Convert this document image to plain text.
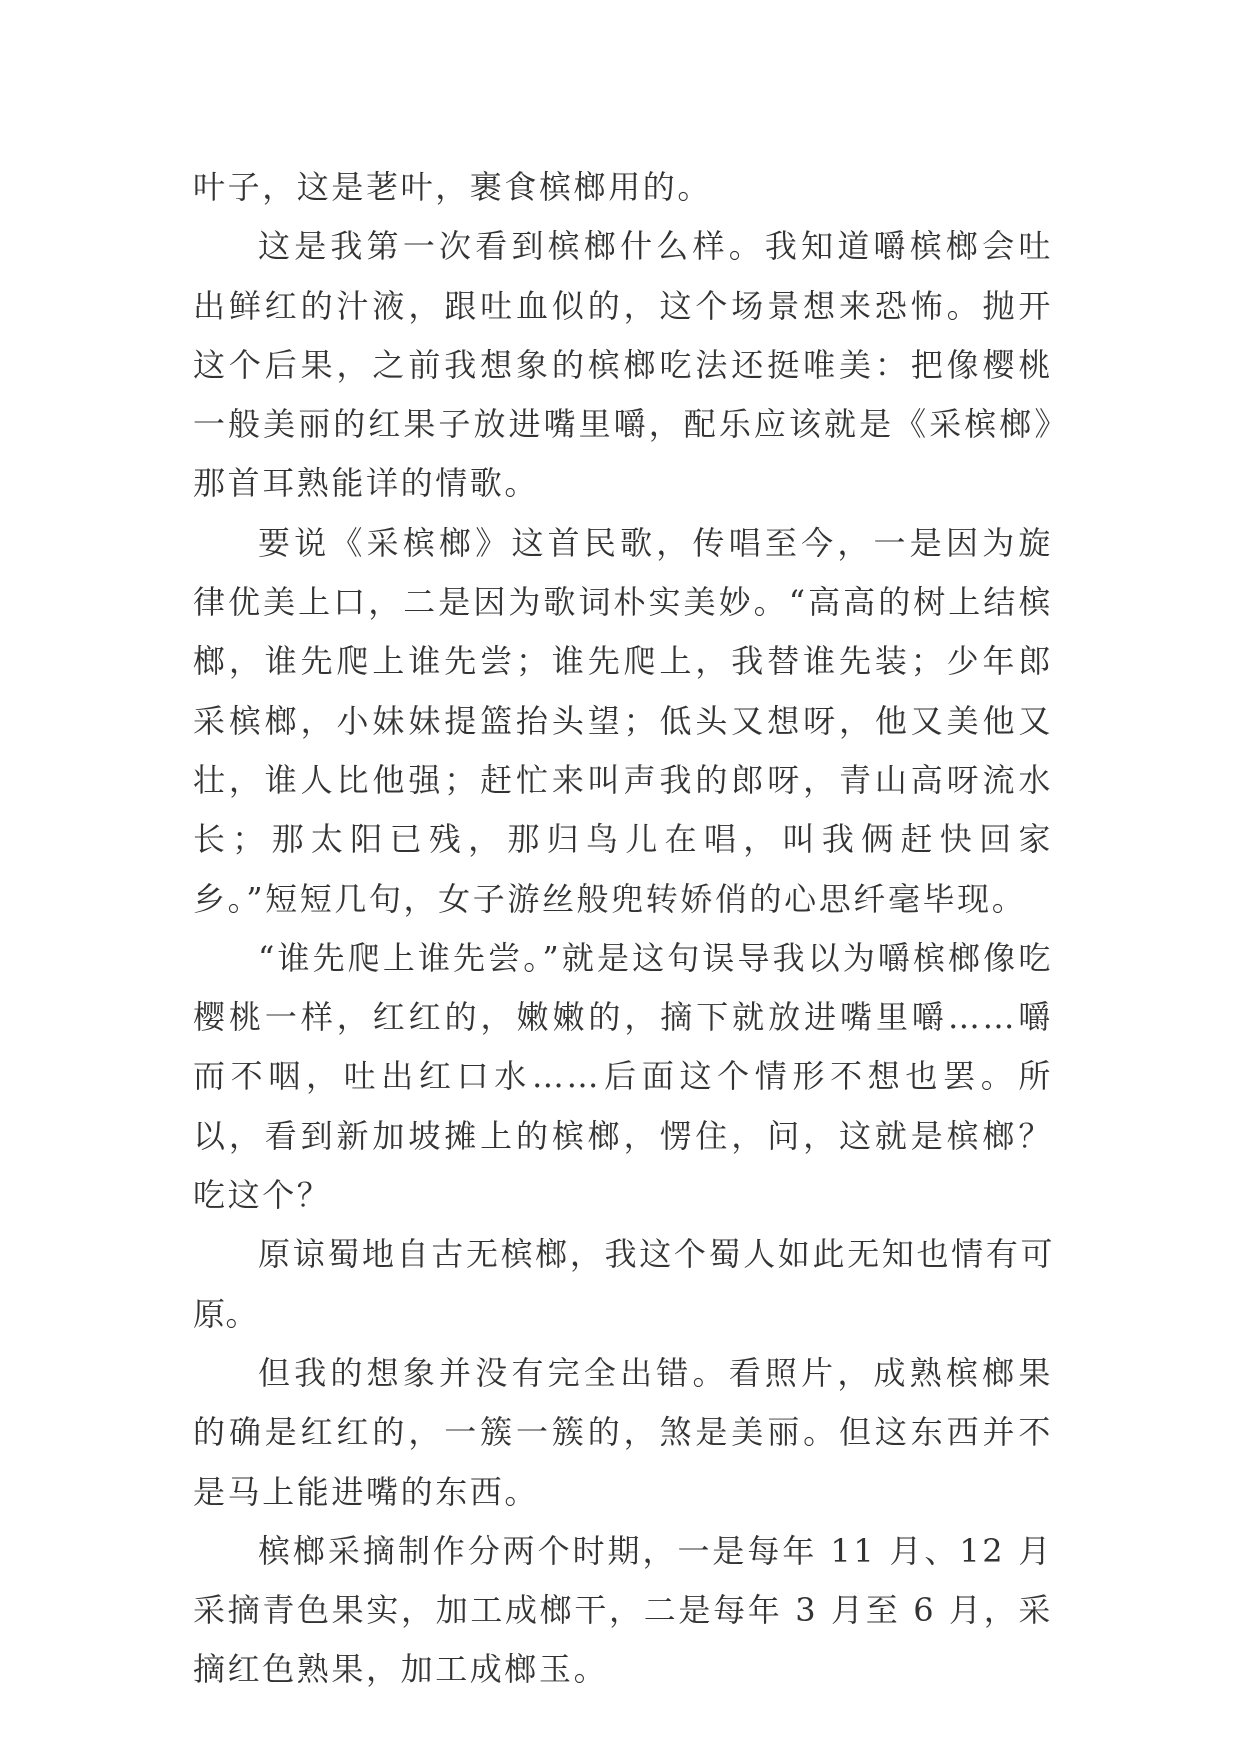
叶子，这是荖叶，裹食槟榔用的。

这是我第一次看到槟榔什么样。我知道嚼槟榔会吐出鲜红的汁液，跟吐血似的，这个场景想来恐怖。抛开这个后果，之前我想象的槟榔吃法还挺唯美：把像樱桃一般美丽的红果子放进嘴里嚼，配乐应该就是《采槟榔》那首耳熟能详的情歌。

要说《采槟榔》这首民歌，传唱至今，一是因为旋律优美上口，二是因为歌词朴实美妙。“高高的树上结槟榔，谁先爬上谁先尝；谁先爬上，我替谁先装；少年郎采槟榔，小妹妹提篮抬头望；低头又想呀，他又美他又壮，谁人比他强；赶忙来叫声我的郎呀，青山高呀流水长；那太阳已残，那归鸟儿在唱，叫我俩赶快回家乡。”短短几句，女子游丝般兜转娇俏的心思纤毫毕现。

“谁先爬上谁先尝。”就是这句误导我以为嚼槟榔像吃樱桃一样，红红的，嫩嫩的，摘下就放进嘴里嚼……嚼而不咽，吐出红口水……后面这个情形不想也罢。所以，看到新加坡摊上的槟榔，愣住，问，这就是槟榔？吃这个？

原谅蜀地自古无槟榔，我这个蜀人如此无知也情有可原。

但我的想象并没有完全出错。看照片，成熟槟榔果的确是红红的，一簇一簇的，煞是美丽。但这东西并不是马上能进嘴的东西。

槟榔采摘制作分两个时期，一是每年 11 月、12 月采摘青色果实，加工成榔干，二是每年 3 月至 6 月，采摘红色熟果，加工成榔玉。
